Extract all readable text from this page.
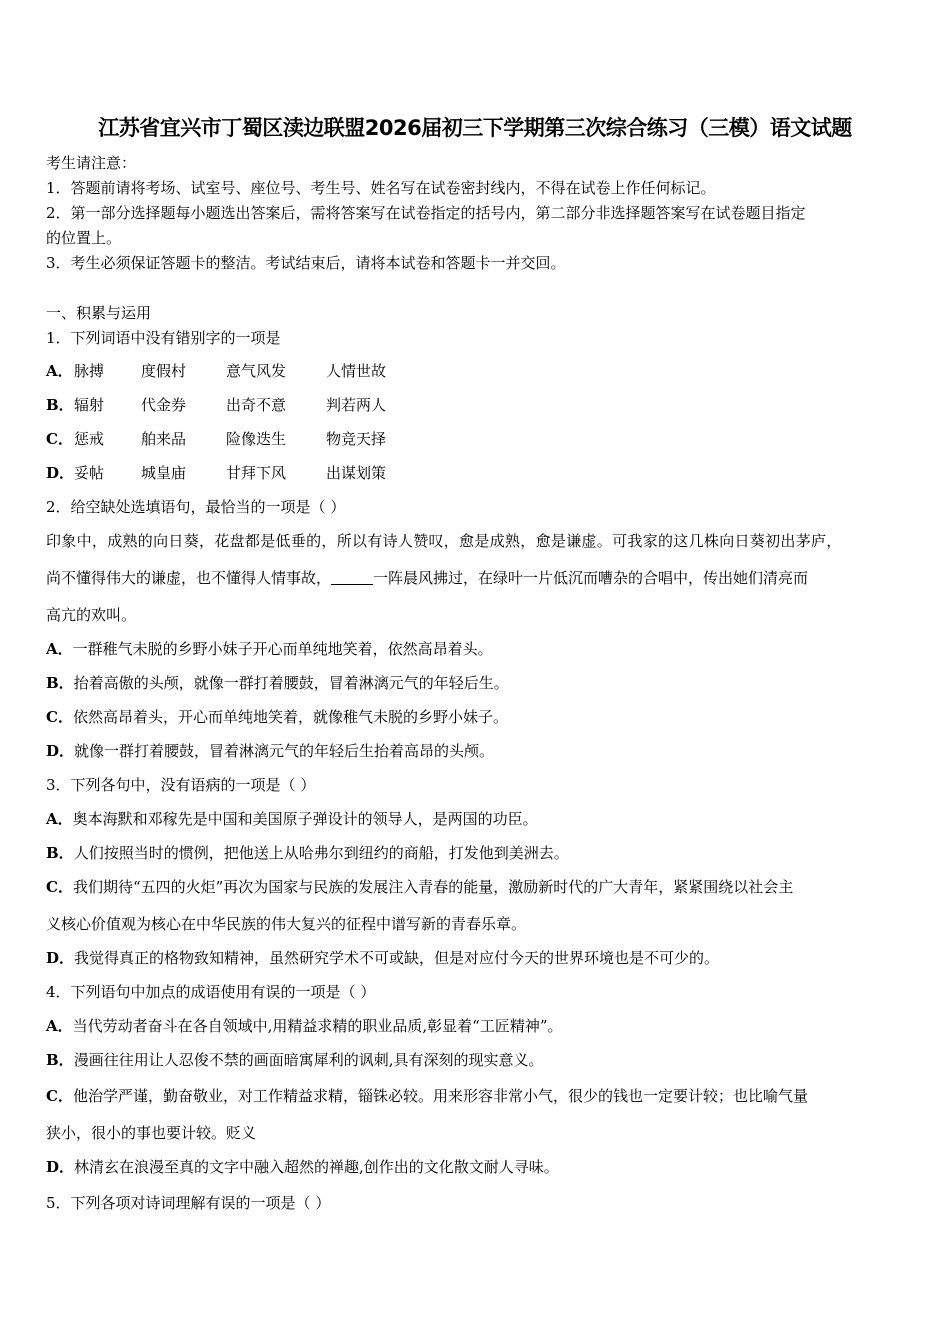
江苏省宜兴市丁蜀区渎边联盟2026届初三下学期第三次综合练习（三模）语文试题
考生请注意：
1．答题前请将考场、试室号、座位号、考生号、姓名写在试卷密封线内，不得在试卷上作任何标记。
2．第一部分选择题每小题选出答案后，需将答案写在试卷指定的括号内，第二部分非选择题答案写在试卷题目指定
的位置上。
3．考生必须保证答题卡的整洁。考试结束后，请将本试卷和答题卡一并交回。
一、积累与运用
1．下列词语中没有错别字的一项是
A． 脉搏 度假村	意气风发	人情世故
B． 辐射 代金券	出奇不意	判若两人
C． 惩戒 舶来品	险像迭生	物竞天择
D． 妥帖 城皇庙	甘拜下风	出谋划策
2．给空缺处选填语句，最恰当的一项是（ ）
印象中，成熟的向日葵，花盘都是低垂的，所以有诗人赞叹，愈是成熟，愈是谦虚。可我家的这几株向日葵初出茅庐，
尚不懂得伟大的谦虚，也不懂得人情事故，	一阵晨风拂过，在绿叶一片低沉而嘈杂的合唱中，传出她们清亮而
高亢的欢叫。
A．一群稚气未脱的乡野小妹子开心而单纯地笑着，依然高昂着头。
B．抬着高傲的头颅，就像一群打着腰鼓，冒着淋漓元气的年轻后生。
C．依然高昂着头，开心而单纯地笑着，就像稚气未脱的乡野小妹子。
D．就像一群打着腰鼓，冒着淋漓元气的年轻后生抬着高昂的头颅。
3．下列各句中，没有语病的一项是（ ）
A．奥本海默和邓稼先是中国和美国原子弹设计的领导人，是两国的功臣。
B．人们按照当时的惯例，把他送上从哈弗尔到纽约的商船，打发他到美洲去。
C．我们期待“五四的火炬”再次为国家与民族的发展注入青春的能量，激励新时代的广大青年，紧紧围绕以社会主
义核心价值观为核心在中华民族的伟大复兴的征程中谱写新的青春乐章。
D．我觉得真正的格物致知精神，虽然研究学术不可或缺，但是对应付今天的世界环境也是不可少的。
4．下列语句中加点的成语使用有误的一项是（ ）
A．当代劳动者奋斗在各自领域中,用精益求精的职业品质,彰显着“工匠精神”。
B．漫画往往用让人忍俊不禁的画面暗寓犀利的讽刺,具有深刻的现实意义。
C．他治学严谨，勤奋敬业，对工作精益求精，锱铢必较。用来形容非常小气，很少的钱也一定要计较；也比喻气量
狭小，很小的事也要计较。贬义
D．林清玄在浪漫至真的文字中融入超然的禅趣,创作出的文化散文耐人寻味。
5．下列各项对诗词理解有误的一项是（ ）
